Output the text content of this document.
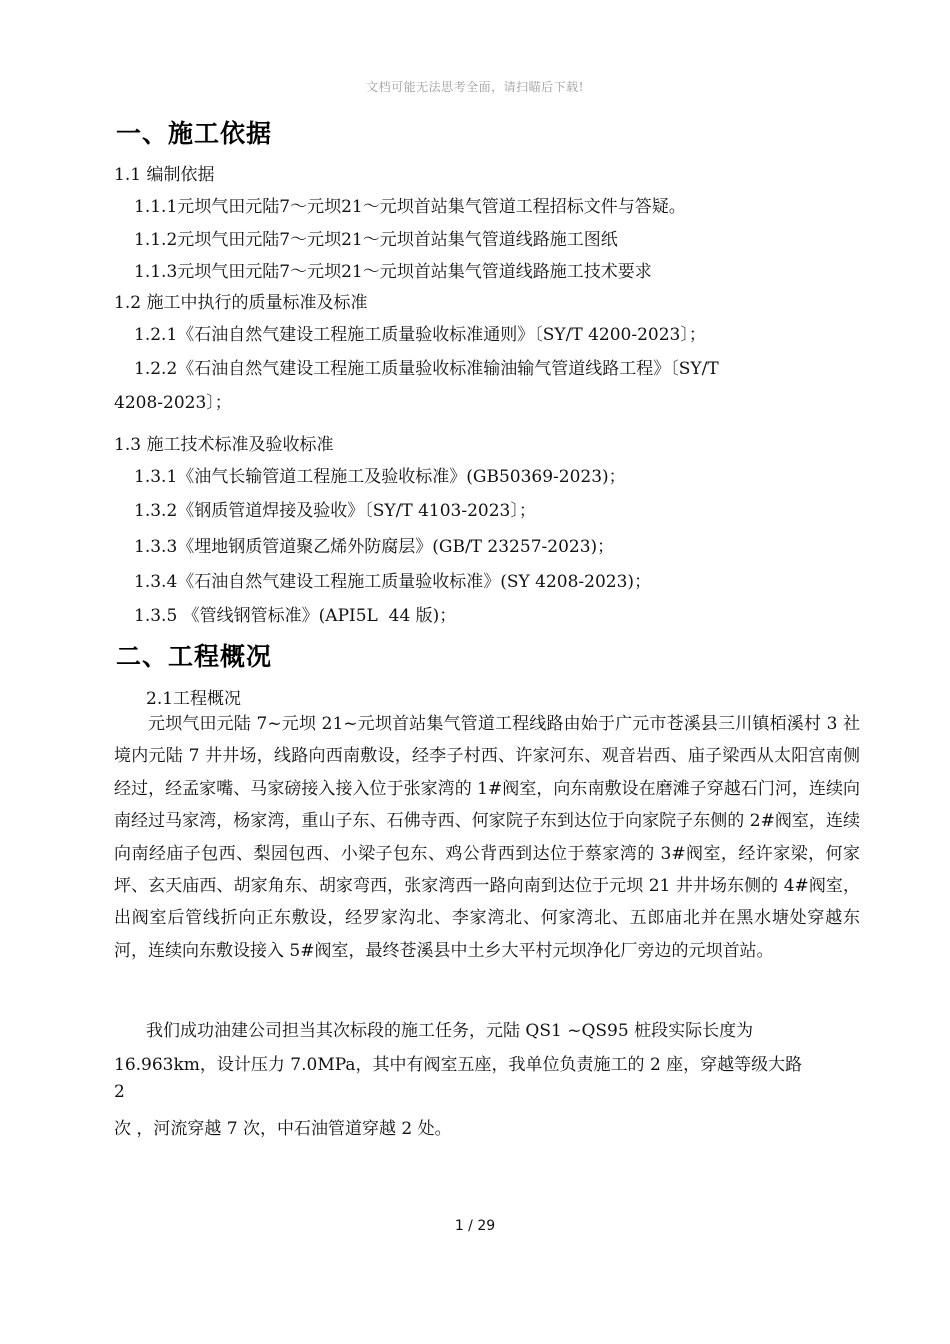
文档可能无法思考全面，请扫瞄后下载!
一、施工依据
1.1 编制依据
1.1.1元坝气田元陆7～元坝21～元坝首站集气管道工程招标文件与答疑。
1.1.2元坝气田元陆7～元坝21～元坝首站集气管道线路施工图纸
1.1.3元坝气田元陆7～元坝21～元坝首站集气管道线路施工技术要求
1.2 施工中执行的质量标准及标准
1.2.1《石油自然气建设工程施工质量验收标准通则》〔SY/T 4200-2023〕；
1.2.2《石油自然气建设工程施工质量验收标准输油输气管道线路工程》〔SY/T
4208-2023〕；
1.3 施工技术标准及验收标准
1.3.1《油气长输管道工程施工及验收标准》(GB50369-2023)；
1.3.2《钢质管道焊接及验收》〔SY/T 4103-2023〕；
1.3.3《埋地钢质管道聚乙烯外防腐层》(GB/T 23257-2023)；
1.3.4《石油自然气建设工程施工质量验收标准》(SY 4208-2023)；
1.3.5 《管线钢管标准》(API5L  44 版)；
二、工程概况
2.1工程概况

元坝气田元陆 7~元坝 21~元坝首站集气管道工程线路由始于广元市苍溪县三川镇栢溪村 3 社境内元陆 7 井井场，线路向西南敷设，经李子村西、许家河东、观音岩西、庙子梁西从太阳宫南侧经过，经孟家嘴、马家磅接入接入位于张家湾的 1#阀室，向东南敷设在磨滩子穿越石门河，连续向南经过马家湾，杨家湾，重山子东、石佛寺西、何家院子东到达位于向家院子东侧的 2#阀室，连续向南经庙子包西、梨园包西、小梁子包东、鸡公背西到达位于蔡家湾的 3#阀室，经许家梁，何家坪、玄天庙西、胡家角东、胡家弯西，张家湾西一路向南到达位于元坝 21 井井场东侧的 4#阀室，出阀室后管线折向正东敷设，经罗家沟北、李家湾北、何家湾北、五郎庙北并在黑水塘处穿越东河，连续向东敷设接入 5#阀室，最终苍溪县中土乡大平村元坝净化厂旁边的元坝首站。

我们成功油建公司担当其次标段的施工任务，元陆 QS1 ~QS95 桩段实际长度为
16.963km，设计压力 7.0MPa，其中有阀室五座，我单位负责施工的 2 座，穿越等级大路
2
次 ，河流穿越 7 次，中石油管道穿越 2 处。
1 / 29
